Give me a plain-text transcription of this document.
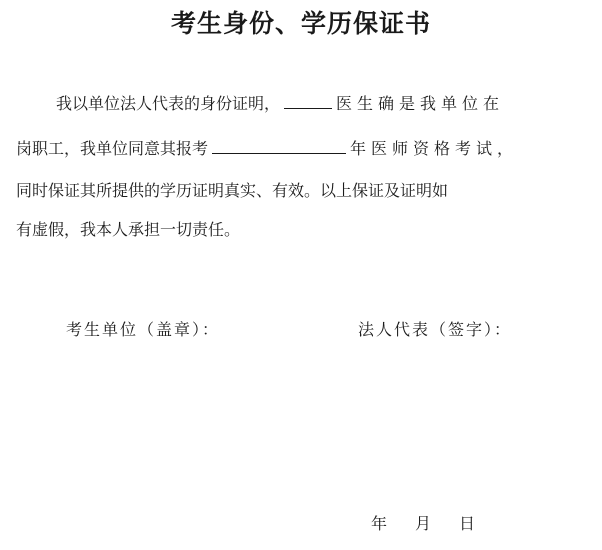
考生身份、学历保证书
我以单位法人代表的身份证明，	医生确是我单位在
岗职工，我单位同意其报考	年医师资格考试，
同时保证其所提供的学历证明真实、有效。以上保证及证明如
有虚假，我本人承担一切责任。
考生单位（盖章）：	法人代表（签字）：
年 月 日
